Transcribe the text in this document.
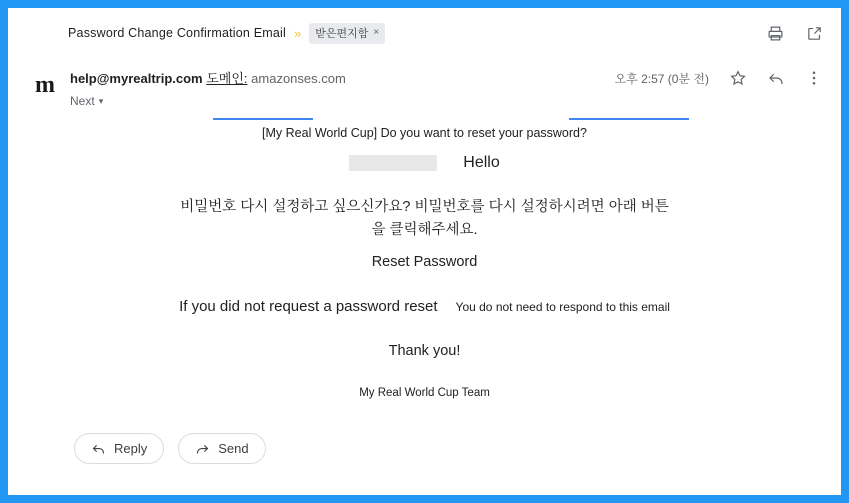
Password Change Confirmation Email » 받은편지함 ×
m help@myrealtrip.com 도메인: amazonses.com
Next ▾
오후 2:57 (0분 전)
[My Real World Cup] Do you want to reset your password?
Hello
비밀번호 다시 설정하고 싶으신가요? 비밀번호를 다시 설정하시려면 아래 버튼을 클릭해주세요.
Reset Password
If you did not request a password reset You do not need to respond to this email
Thank you!
My Real World Cup Team
Reply	Send
